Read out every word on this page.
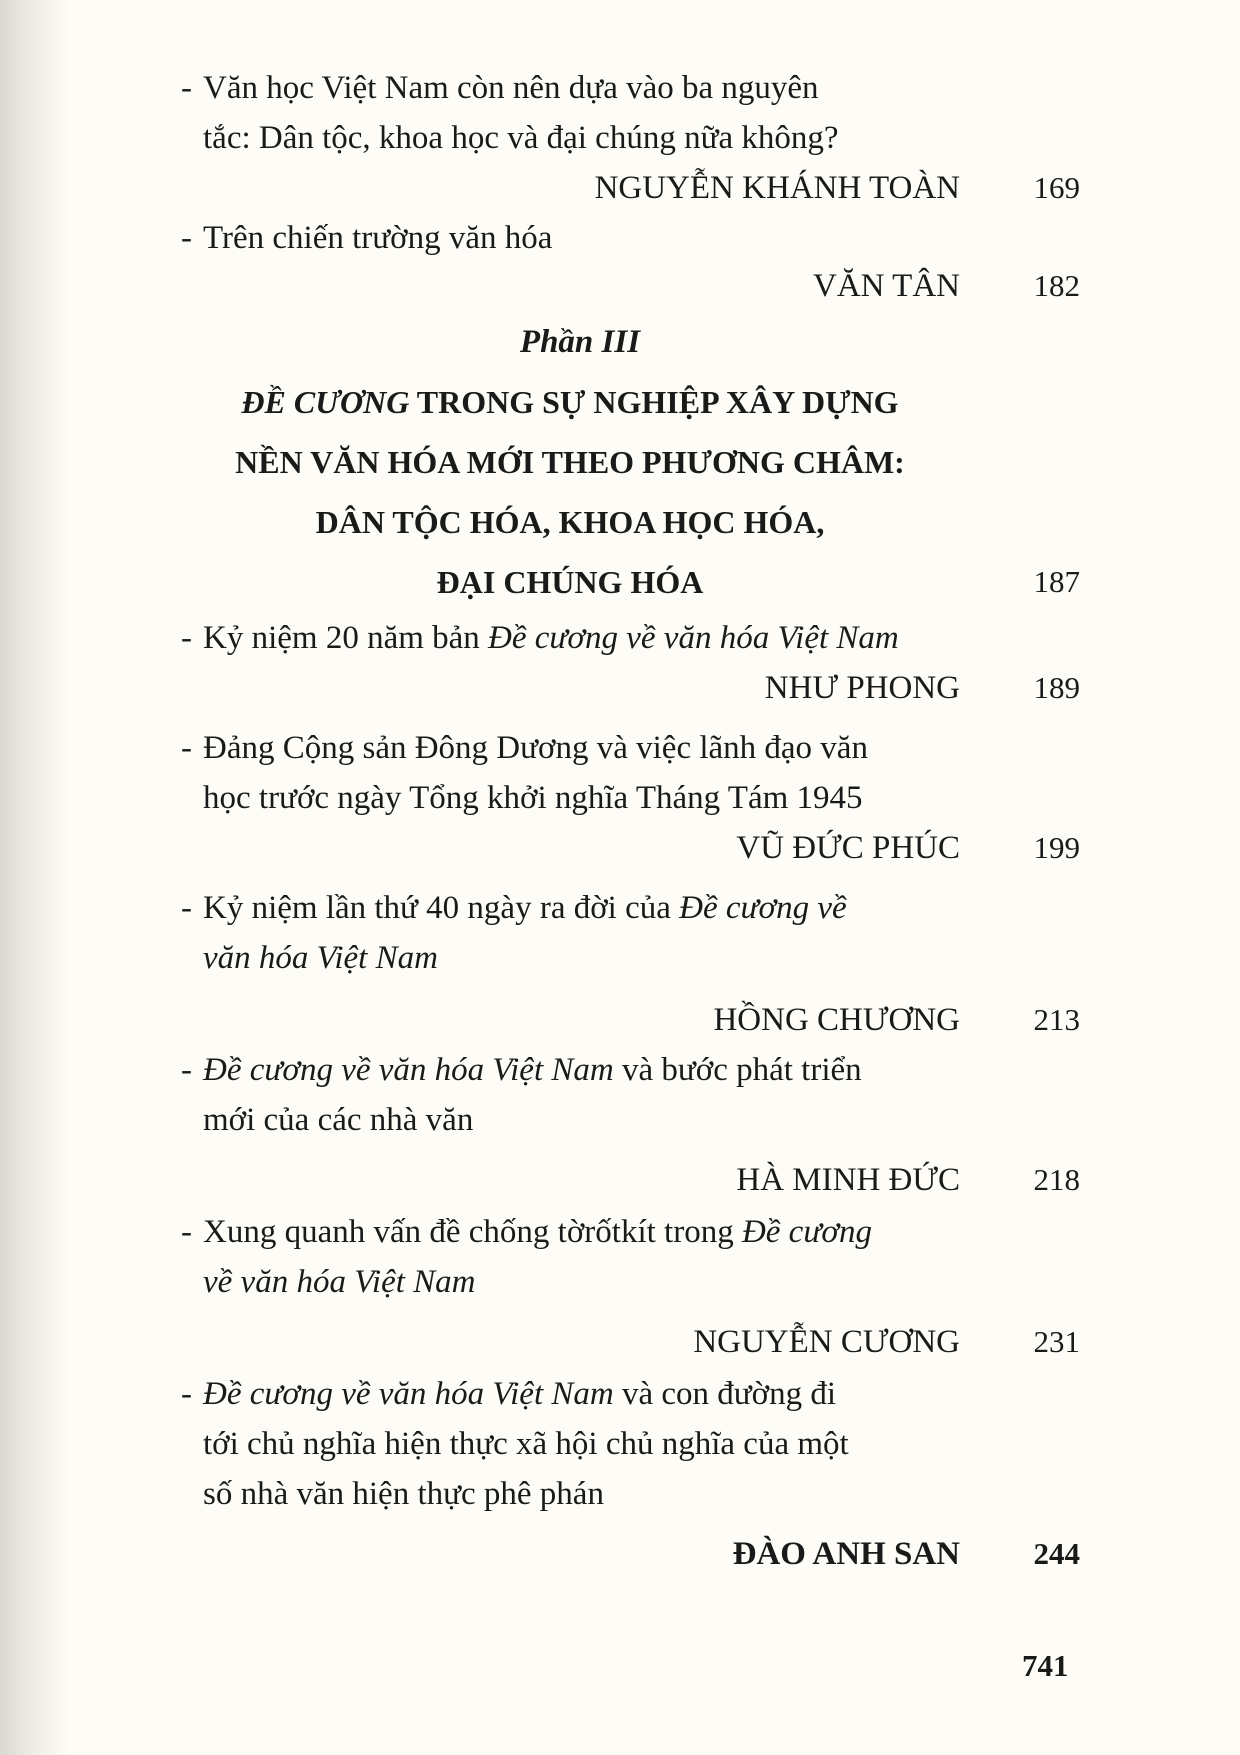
- Văn học Việt Nam còn nên dựa vào ba nguyên
tắc: Dân tộc, khoa học và đại chúng nữa không?
NGUYỄN KHÁNH TOÀN	169
- Trên chiến trường văn hóa
VĂN TÂN	182
Phần III
ĐỀ CƯƠNG TRONG SỰ NGHIỆP XÂY DỰNG
NỀN VĂN HÓA MỚI THEO PHƯƠNG CHÂM:
DÂN TỘC HÓA, KHOA HỌC HÓA,
ĐẠI CHÚNG HÓA	187
- Kỷ niệm 20 năm bản Đề cương về văn hóa Việt Nam
NHƯ PHONG	189
- Đảng Cộng sản Đông Dương và việc lãnh đạo văn
học trước ngày Tổng khởi nghĩa Tháng Tám 1945
VŨ ĐỨC PHÚC	199
- Kỷ niệm lần thứ 40 ngày ra đời của Đề cương về
văn hóa Việt Nam
HỒNG CHƯƠNG	213
- Đề cương về văn hóa Việt Nam và bước phát triển
mới của các nhà văn
HÀ MINH ĐỨC	218
- Xung quanh vấn đề chống tờrốtkít trong Đề cương
về văn hóa Việt Nam
NGUYỄN CƯƠNG	231
- Đề cương về văn hóa Việt Nam và con đường đi
tới chủ nghĩa hiện thực xã hội chủ nghĩa của một
số nhà văn hiện thực phê phán
ĐÀO ANH SAN	244
741
